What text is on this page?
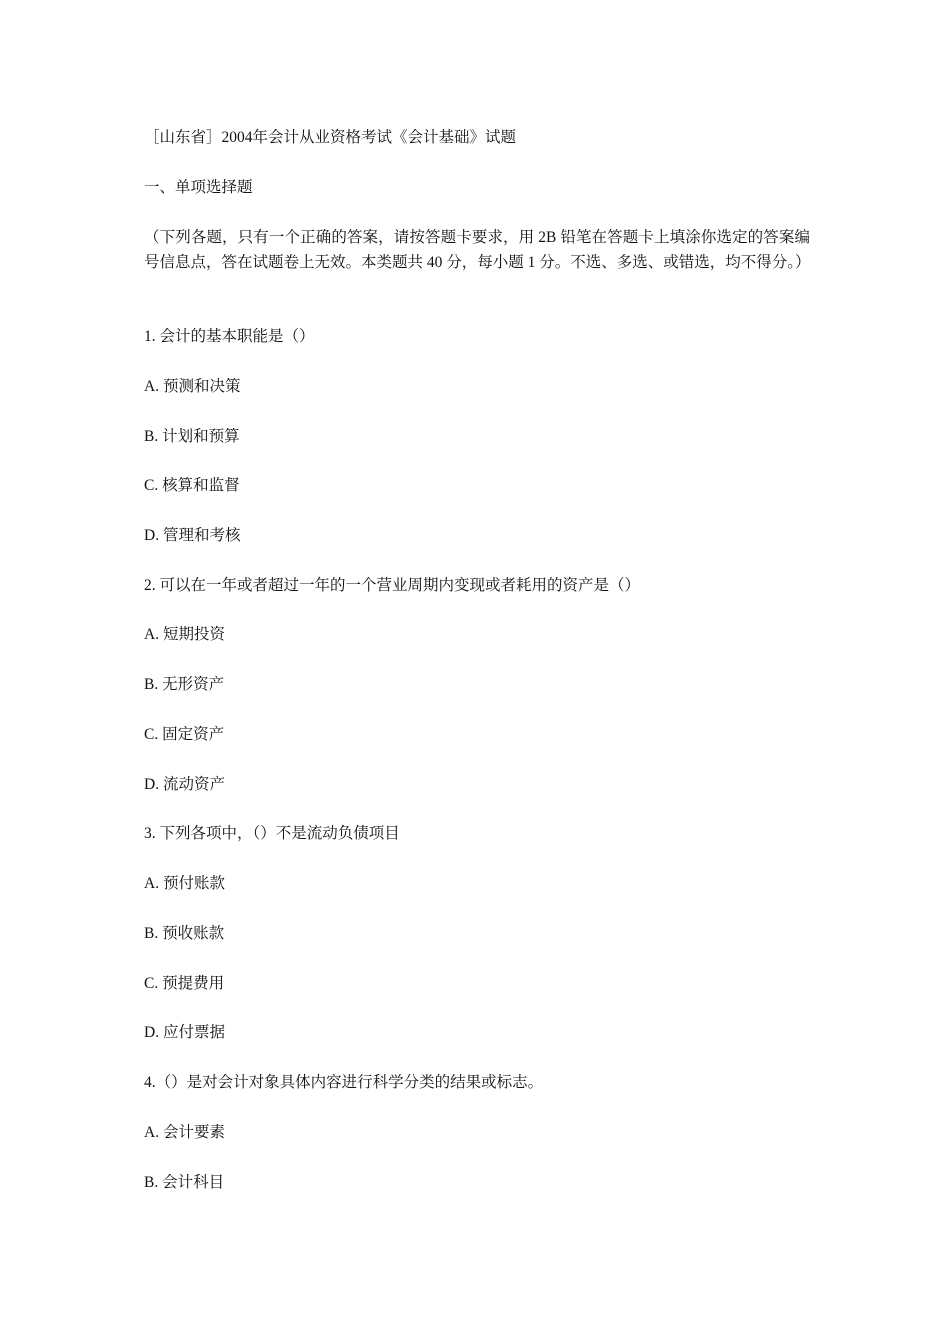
［山东省］2004年会计从业资格考试《会计基础》试题
一、单项选择题
（下列各题，只有一个正确的答案，请按答题卡要求，用 2B 铅笔在答题卡上填涂你选定的答案编号信息点，答在试题卷上无效。本类题共 40 分，每小题 1 分。不选、多选、或错选，均不得分。）
1. 会计的基本职能是（）
A. 预测和决策
B. 计划和预算
C. 核算和监督
D. 管理和考核
2. 可以在一年或者超过一年的一个营业周期内变现或者耗用的资产是（）
A. 短期投资
B. 无形资产
C. 固定资产
D. 流动资产
3. 下列各项中，（）不是流动负债项目
A. 预付账款
B. 预收账款
C. 预提费用
D. 应付票据
4.（）是对会计对象具体内容进行科学分类的结果或标志。
A. 会计要素
B. 会计科目
